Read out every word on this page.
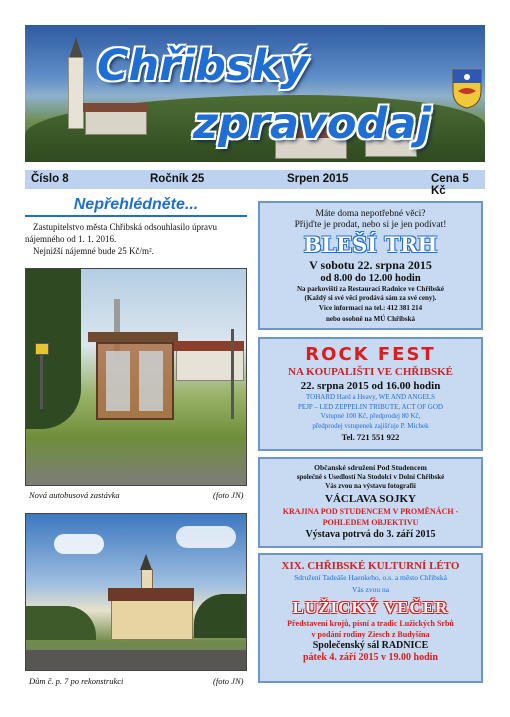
Chřibský
zpravodaj
Číslo 8	Ročník 25	Srpen 2015	Cena 5 Kč
Nepřehlédněte...

Zastupitelstvo města Chřibská odsouhlasilo úpravu nájemného od 1. 1. 2016.

Nejnižší nájemné bude 25 Kč/m².

Nová autobusová zastávka	(foto JN)
Dům č. p. 7 po rekonstrukci	(foto JN)
Máte doma nepotřebné věci?
Přijďte je prodat, nebo si je jen podívat!
BLEŠÍ TRH
V sobotu 22. srpna 2015
od 8.00 do 12.00 hodin
Na parkovišti za Restaurací Radnice ve Chřibské
(Každý si své věci prodává sám za své ceny).
Více informací na tel.: 412 381 214
nebo osobně na MÚ Chřibská
ROCK FEST
NA KOUPALIŠTI VE CHŘIBSKÉ
22. srpna 2015 od 16.00 hodin
TOHARD Hard a Heavy, WE AND ANGELS
PEJP – LED ZEPPELIN TRIBUTE, ACT OF GOD
Vstupné 100 Kč, předprodej 80 Kč,
předprodej vstupenek zajišťuje P. Michek
Tel. 721 551 922
Občanské sdružení Pod Studencem
společně s Usedlostí Na Stodolci v Dolní Chřibské
Vás zvou na výstavu fotografií
VÁCLAVA SOJKY
KRAJINA POD STUDENCEM V PROMĚNÁCH -
POHLEDEM OBJEKTIVU
Výstava potrvá do 3. září 2015
XIX. CHŘIBSKÉ KULTURNÍ LÉTO
Sdružení Tadeáše Haenkeho, o.s. a město Chřibská
Vás zvou na
LUŽICKÝ VEČER
Představení krojů, písní a tradic Lužických Srbů
v podání rodiny Ziesch z Budyšína
Společenský sál RADNICE
pátek 4. září 2015 v 19.00 hodin
